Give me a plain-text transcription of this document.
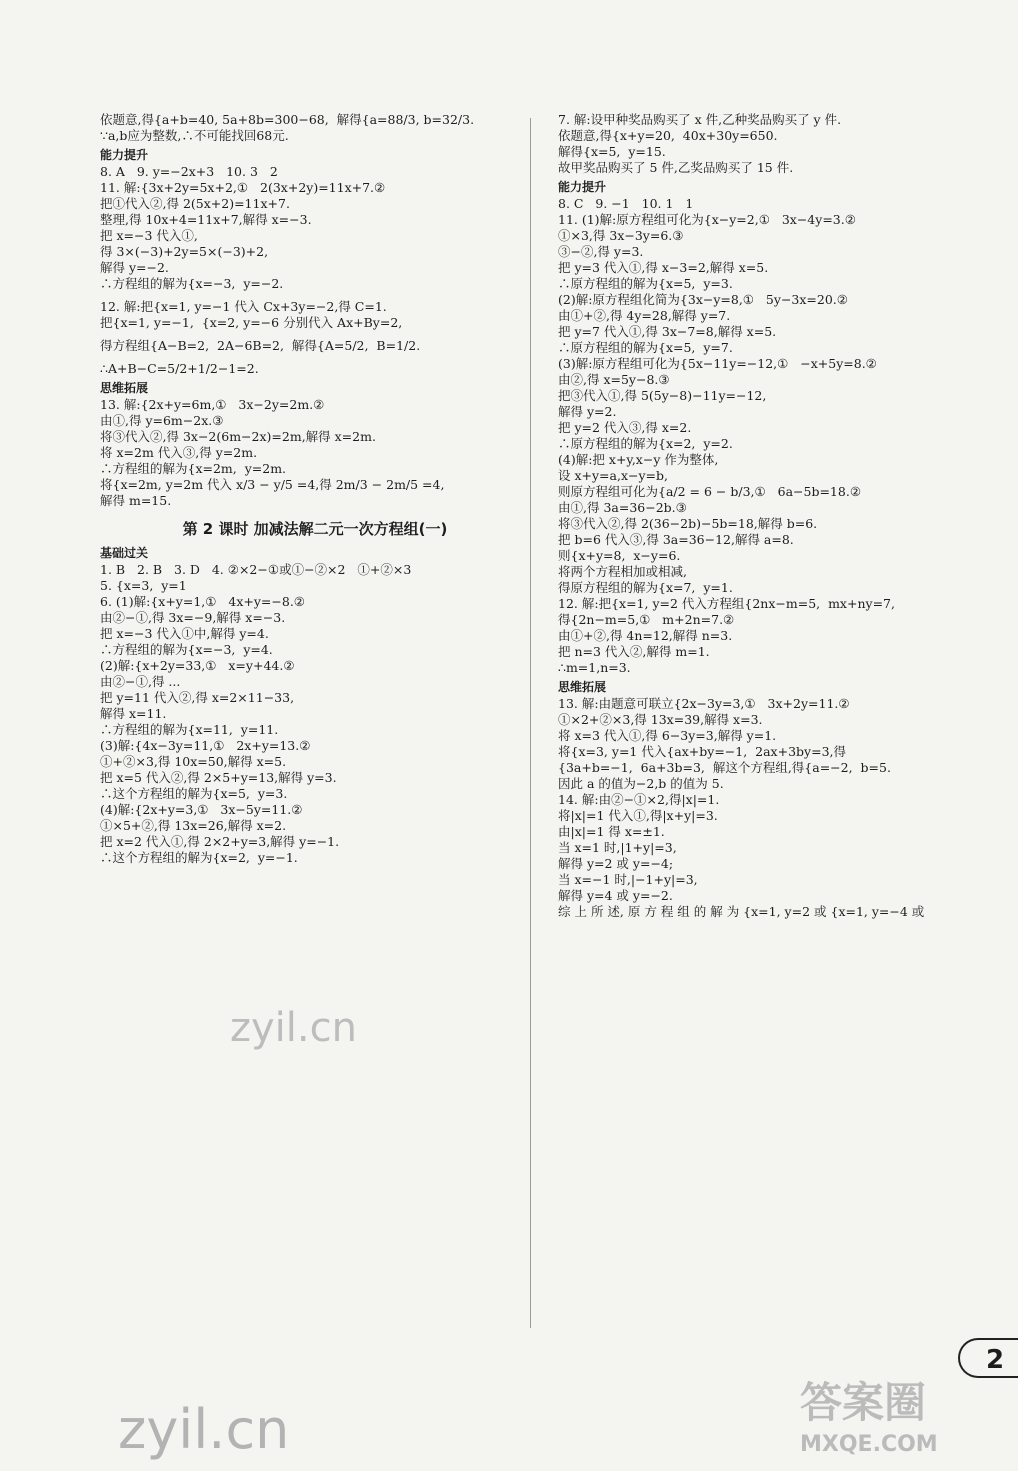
依题意,得{a+b=40, 5a+8b=300−68,  解得{a=88/3, b=32/3.
∵a,b应为整数,∴不可能找回68元.
能力提升
8. A   9. y=−2x+3   10. 3   2
11. 解:{3x+2y=5x+2,①   2(3x+2y)=11x+7.②
把①代入②,得 2(5x+2)=11x+7.
整理,得 10x+4=11x+7,解得 x=−3.
把 x=−3 代入①,
得 3×(−3)+2y=5×(−3)+2,
解得 y=−2.
∴方程组的解为{x=−3,  y=−2.
12. 解:把{x=1, y=−1 代入 Cx+3y=−2,得 C=1.
把{x=1, y=−1,  {x=2, y=−6 分别代入 Ax+By=2,
得方程组{A−B=2,  2A−6B=2,  解得{A=5/2,  B=1/2.
∴A+B−C=5/2+1/2−1=2.
思维拓展
13. 解:{2x+y=6m,①   3x−2y=2m.②
由①,得 y=6m−2x.③
将③代入②,得 3x−2(6m−2x)=2m,解得 x=2m.
将 x=2m 代入③,得 y=2m.
∴方程组的解为{x=2m,  y=2m.
将{x=2m, y=2m 代入 x/3 − y/5 =4,得 2m/3 − 2m/5 =4,
解得 m=15.
第 2 课时 加减法解二元一次方程组(一)
基础过关
1. B   2. B   3. D   4. ②×2−①或①−②×2   ①+②×3
5. {x=3,  y=1
6. (1)解:{x+y=1,①   4x+y=−8.②
由②−①,得 3x=−9,解得 x=−3.
把 x=−3 代入①中,解得 y=4.
∴方程组的解为{x=−3,  y=4.
(2)解:{x+2y=33,①   x=y+44.②
由②−①,得 ...
把 y=11 代入②,得 x=2×11−33,
解得 x=11.
∴方程组的解为{x=11,  y=11.
(3)解:{4x−3y=11,①   2x+y=13.②
①+②×3,得 10x=50,解得 x=5.
把 x=5 代入②,得 2×5+y=13,解得 y=3.
∴这个方程组的解为{x=5,  y=3.
(4)解:{2x+y=3,①   3x−5y=11.②
①×5+②,得 13x=26,解得 x=2.
把 x=2 代入①,得 2×2+y=3,解得 y=−1.
∴这个方程组的解为{x=2,  y=−1.
7. 解:设甲种奖品购买了 x 件,乙种奖品购买了 y 件.
依题意,得{x+y=20,  40x+30y=650.
解得{x=5,  y=15.
故甲奖品购买了 5 件,乙奖品购买了 15 件.
能力提升
8. C   9. −1   10. 1   1
11. (1)解:原方程组可化为{x−y=2,①   3x−4y=3.②
①×3,得 3x−3y=6.③
③−②,得 y=3.
把 y=3 代入①,得 x−3=2,解得 x=5.
∴原方程组的解为{x=5,  y=3.
(2)解:原方程组化简为{3x−y=8,①   5y−3x=20.②
由①+②,得 4y=28,解得 y=7.
把 y=7 代入①,得 3x−7=8,解得 x=5.
∴原方程组的解为{x=5,  y=7.
(3)解:原方程组可化为{5x−11y=−12,①   −x+5y=8.②
由②,得 x=5y−8.③
把③代入①,得 5(5y−8)−11y=−12,
解得 y=2.
把 y=2 代入③,得 x=2.
∴原方程组的解为{x=2,  y=2.
(4)解:把 x+y,x−y 作为整体,
设 x+y=a,x−y=b,
则原方程组可化为{a/2 = 6 − b/3,①   6a−5b=18.②
由①,得 3a=36−2b.③
将③代入②,得 2(36−2b)−5b=18,解得 b=6.
把 b=6 代入③,得 3a=36−12,解得 a=8.
则{x+y=8,  x−y=6.
将两个方程相加或相减,
得原方程组的解为{x=7,  y=1.
12. 解:把{x=1, y=2 代入方程组{2nx−m=5,  mx+ny=7,
得{2n−m=5,①   m+2n=7.②
由①+②,得 4n=12,解得 n=3.
把 n=3 代入②,解得 m=1.
∴m=1,n=3.
思维拓展
13. 解:由题意可联立{2x−3y=3,①   3x+2y=11.②
①×2+②×3,得 13x=39,解得 x=3.
将 x=3 代入①,得 6−3y=3,解得 y=1.
将{x=3, y=1 代入{ax+by=−1,  2ax+3by=3,得
{3a+b=−1,  6a+3b=3,  解这个方程组,得{a=−2,  b=5.
因此 a 的值为−2,b 的值为 5.
14. 解:由②−①×2,得|x|=1.
将|x|=1 代入①,得|x+y|=3.
由|x|=1 得 x=±1.
当 x=1 时,|1+y|=3,
解得 y=2 或 y=−4;
当 x=−1 时,|−1+y|=3,
解得 y=4 或 y=−2.
综 上 所 述, 原 方 程 组 的 解 为 {x=1, y=2 或 {x=1, y=−4 或
2
zyil.cn
zyil.cn
答案圈
MXQE.COM
